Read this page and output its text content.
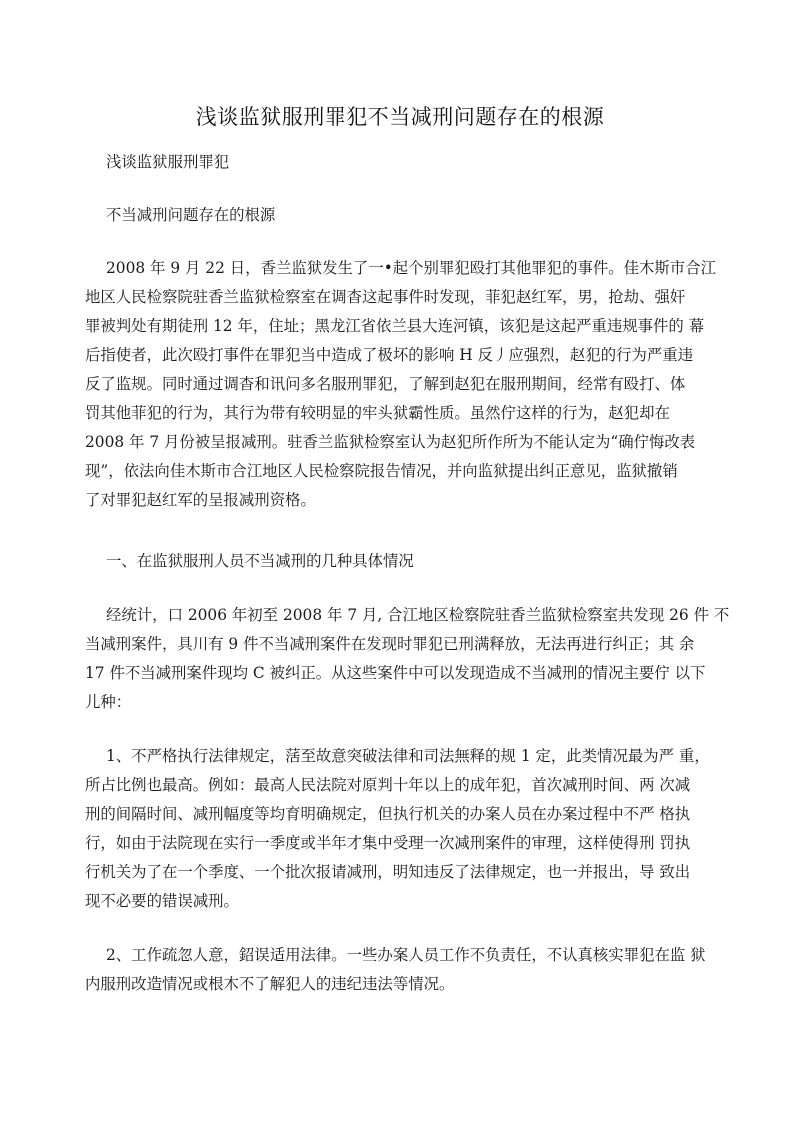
浅谈监狱服刑罪犯不当减刑问题存在的根源

浅谈监狱服刑罪犯

不当减刑问题存在的根源

2008 年 9 月 22 日，香兰监狱发生了一•起个别罪犯殴打其他罪犯的事件。佳木斯市合江

地区人民检察院驻香兰监狱检察室在调杳这起事件时发现，菲犯赵红军，男，抢劫、强奸

罪被判处有期徒刑 12 年，住址；黑龙江省依兰县大连河镇，该犯是这起严重违规事件的 幕

后指使者，此次殴打事件在罪犯当中造成了极坏的影响 H 反丿应强烈，赵犯的行为严重违

反了监规。同时通过调杳和讯问多名服刑罪犯，了解到赵犯在服刑期间，经常有殴打、体

罚其他菲犯的行为，其行为带有较明显的牢头狱霸性质。虽然佇这样的行为，赵犯却在

2008 年 7 月份被呈报减刑。驻香兰监狱检察室认为赵犯所作所为不能认定为“确佇悔改表

现”，依法向佳木斯市合江地区人民检察院报告情况，并向监狱提出纠正意见，监狱撤销

了对罪犯赵红军的呈报减刑资格。

一、在监狱服刑人员不当减刑的几种具体情况

经统计，口 2006 年初至 2008 年 7 月, 合江地区检察院驻香兰监狱检察室共发现 26 件 不

当减刑案件，具川有 9 件不当减刑案件在发现时罪犯已刑满释放，无法再进行纠正；其 余

17 件不当减刑案件现均 C 被纠正。从这些案件中可以发现造成不当减刑的情况主要佇 以下

儿种：

1、不严格执行法律规定，萿至故意突破法律和司法無释的规 1 定，此类情况最为严 重，

所占比例也最高。例如：最高人民法院对原判十年以上的成年犯，首次减刑时间、两 次减

刑的间隔时间、减刑幅度等均育明确规定，但执行机关的办案人员在办案过程中不严 格执

行，如由于法院现在实行一季度或半年才集中受理一次减刑案件的审理，这样使得刑 罚执

行机关为了在一个季度、一个批次报请减刑，明知违反了法律规定，也一并报出，导 致出

现不必要的错误减刑。

2、工作疏忽人意，鉊误适用法律。一些办案人员工作不负责任，不认真核实罪犯在监 狱

内服刑改造情况或根木不了解犯人的违纪违法等情况。
